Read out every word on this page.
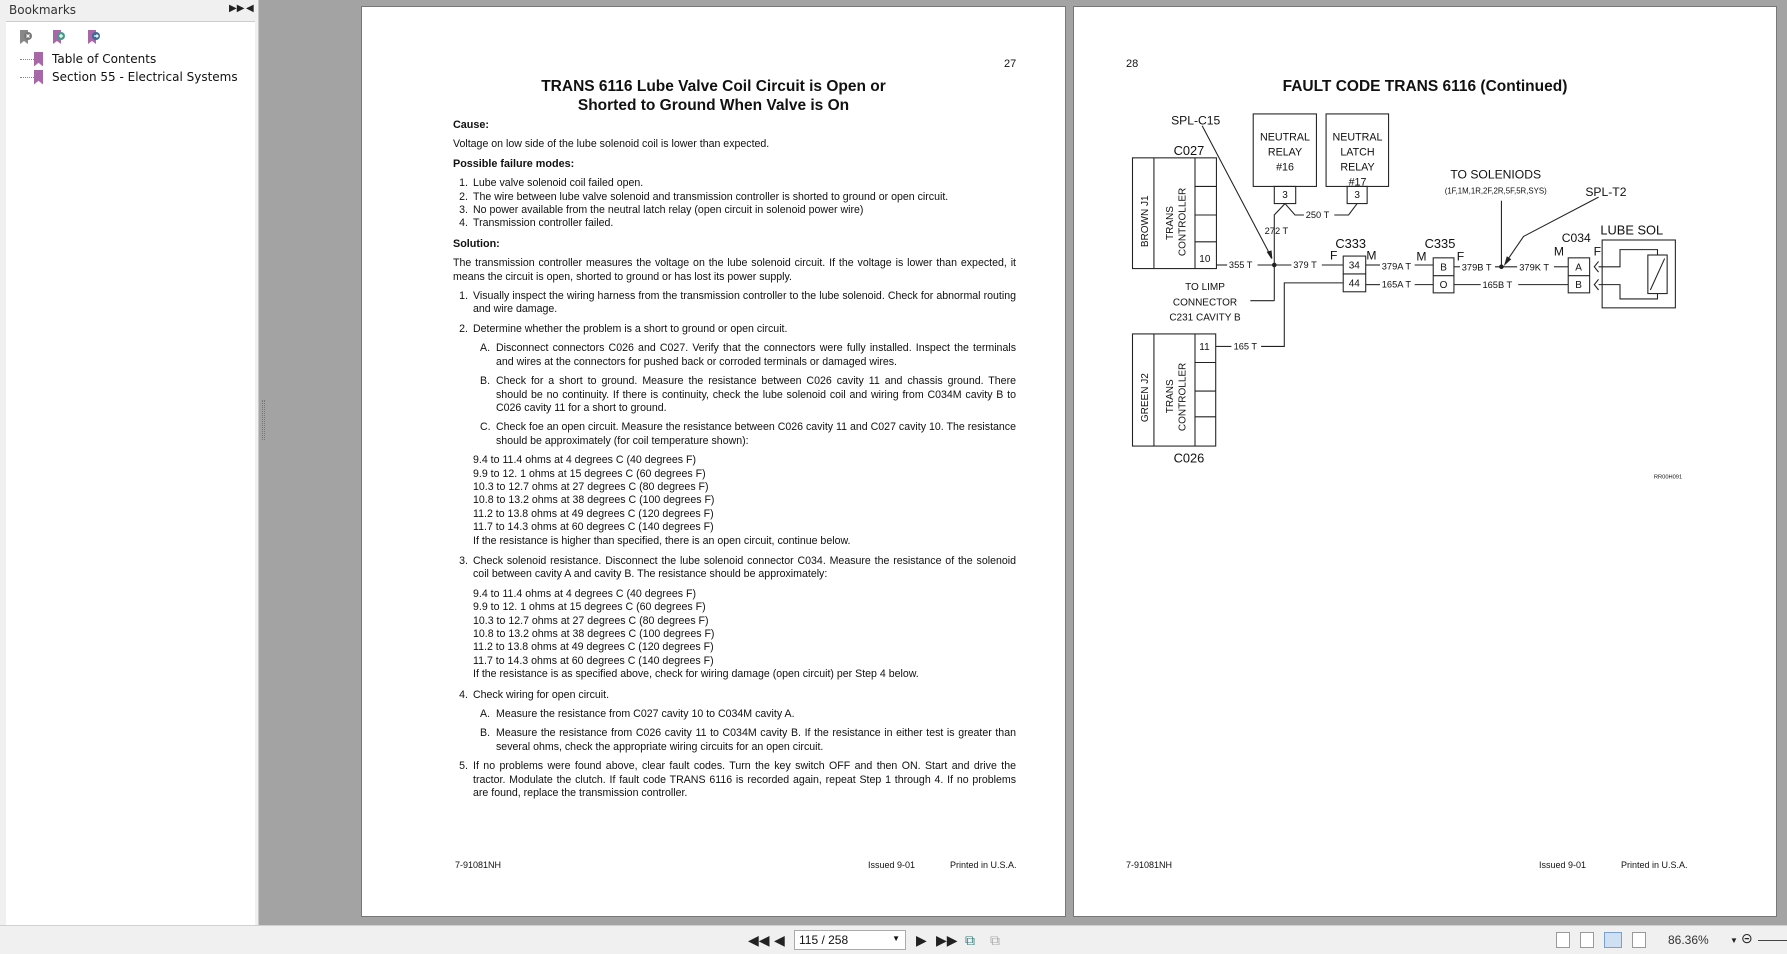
Bookmarks	▶▶ ◀
Table of Contents
Section 55 - Electrical Systems
27
TRANS 6116 Lube Valve Coil Circuit is Open or
Shorted to Ground When Valve is On
Cause:

Voltage on low side of the lube solenoid coil is lower than expected.

Possible failure modes:
1. Lube valve solenoid coil failed open.
2. The wire between lube valve solenoid and transmission controller is shorted to ground or open circuit.
3. No power available from the neutral latch relay (open circuit in solenoid power wire)
4. Transmission controller failed.
Solution:

The transmission controller measures the voltage on the lube solenoid circuit. If the voltage is lower than expected, it means the circuit is open, shorted to ground or has lost its power supply.

1. Visually inspect the wiring harness from the transmission controller to the lube solenoid. Check for abnormal routing and wire damage.
2. Determine whether the problem is a short to ground or open circuit.
A. Disconnect connectors C026 and C027. Verify that the connectors were fully installed. Inspect the terminals and wires at the connectors for pushed back or corroded terminals or damaged wires.
B. Check for a short to ground. Measure the resistance between C026 cavity 11 and chassis ground. There should be no continuity. If there is continuity, check the lube solenoid coil and wiring from C034M cavity B to C026 cavity 11 for a short to ground.
C. Check foe an open circuit. Measure the resistance between C026 cavity 11 and C027 cavity 10. The resistance should be approximately (for coil temperature shown):
9.4 to 11.4 ohms at 4 degrees C (40 degrees F)
9.9 to 12. 1 ohms at 15 degrees C (60 degrees F)
10.3 to 12.7 ohms at 27 degrees C (80 degrees F)
10.8 to 13.2 ohms at 38 degrees C (100 degrees F)
11.2 to 13.8 ohms at 49 degrees C (120 degrees F)
11.7 to 14.3 ohms at 60 degrees C (140 degrees F)
If the resistance is higher than specified, there is an open circuit, continue below.
3. Check solenoid resistance. Disconnect the lube solenoid connector C034. Measure the resistance of the solenoid coil between cavity A and cavity B. The resistance should be approximately:
9.4 to 11.4 ohms at 4 degrees C (40 degrees F)
9.9 to 12. 1 ohms at 15 degrees C (60 degrees F)
10.3 to 12.7 ohms at 27 degrees C (80 degrees F)
10.8 to 13.2 ohms at 38 degrees C (100 degrees F)
11.2 to 13.8 ohms at 49 degrees C (120 degrees F)
11.7 to 14.3 ohms at 60 degrees C (140 degrees F)
If the resistance is as specified above, check for wiring damage (open circuit) per Step 4 below.
4. Check wiring for open circuit.
A. Measure the resistance from C027 cavity 10 to C034M cavity A.
B. Measure the resistance from C026 cavity 11 to C034M cavity B. If the resistance in either test is greater than several ohms, check the appropriate wiring circuits for an open circuit.
5. If no problems were found above, clear fault codes. Turn the key switch OFF and then ON. Start and drive the tractor. Modulate the clutch. If fault code TRANS 6116 is recorded again, repeat Step 1 through 4. If no problems are found, replace the transmission controller.
7-91081NH	Issued 9-01	Printed in U.S.A.
28
FAULT CODE TRANS 6116 (Continued)
7-91081NH	Issued 9-01	Printed in U.S.A.
SPL-C15
C027
BROWN J1 TRANS CONTROLLER
10 355 T 379 T
272 T
250 T
NEUTRAL
RELAY
#16
NEUTRAL
LATCH
RELAY
#17
3 3
TO LIMP
CONNECTOR
C231 CAVITY B
C333
F M
34
44
379A T
165A T
C335
M F
B
O
379B T 379K T
165B T
TO SOLENIODS
(1F,1M,1R,2F,2R,5F,5R,SYS) SPL-T2
C034
M F
LUBE SOL
A
B
165 T
GREEN J2 TRANS CONTROLLER
11
C026
RR00H091
◀◀ ◀	115 / 258	▼ ▶ ▶▶ ⧉ ⧉	86.36%	▼ ⊝
